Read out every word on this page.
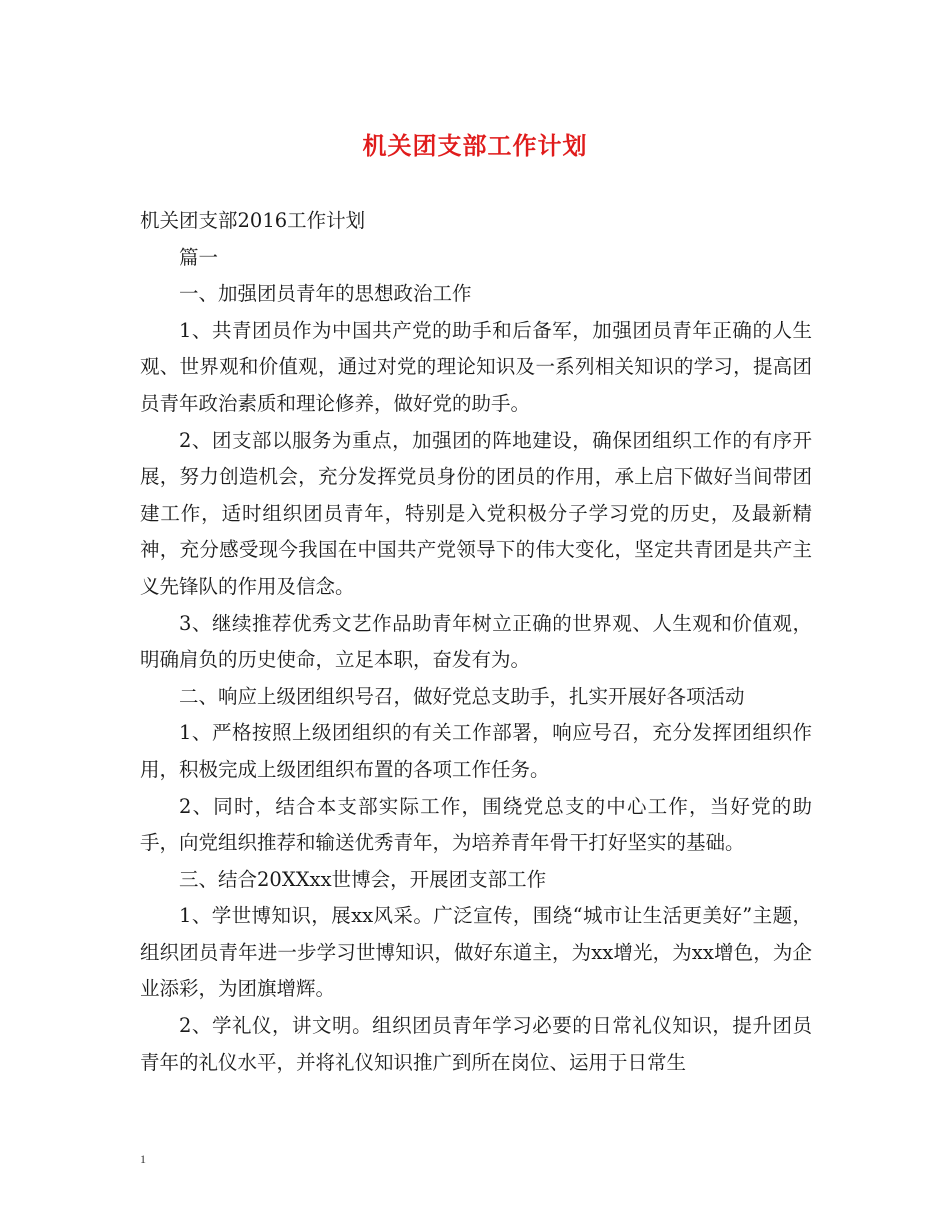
机关团支部工作计划

机关团支部2016工作计划

篇一

一、加强团员青年的思想政治工作

1、共青团员作为中国共产党的助手和后备军，加强团员青年正确的人生观、世界观和价值观，通过对党的理论知识及一系列相关知识的学习，提高团员青年政治素质和理论修养，做好党的助手。

2、团支部以服务为重点，加强团的阵地建设，确保团组织工作的有序开展，努力创造机会，充分发挥党员身份的团员的作用，承上启下做好当间带团建工作，适时组织团员青年，特别是入党积极分子学习党的历史，及最新精神，充分感受现今我国在中国共产党领导下的伟大变化，坚定共青团是共产主义先锋队的作用及信念。

3、继续推荐优秀文艺作品助青年树立正确的世界观、人生观和价值观，明确肩负的历史使命，立足本职，奋发有为。

二、响应上级团组织号召，做好党总支助手，扎实开展好各项活动

1、严格按照上级团组织的有关工作部署，响应号召，充分发挥团组织作用，积极完成上级团组织布置的各项工作任务。

2、同时，结合本支部实际工作，围绕党总支的中心工作，当好党的助手，向党组织推荐和输送优秀青年，为培养青年骨干打好坚实的基础。

三、结合20XXxx世博会，开展团支部工作

1、学世博知识，展xx风采。广泛宣传，围绕“城市让生活更美好”主题，组织团员青年进一步学习世博知识，做好东道主，为xx增光，为xx增色，为企业添彩，为团旗增辉。

2、学礼仪，讲文明。组织团员青年学习必要的日常礼仪知识，提升团员青年的礼仪水平，并将礼仪知识推广到所在岗位、运用于日常生

1
